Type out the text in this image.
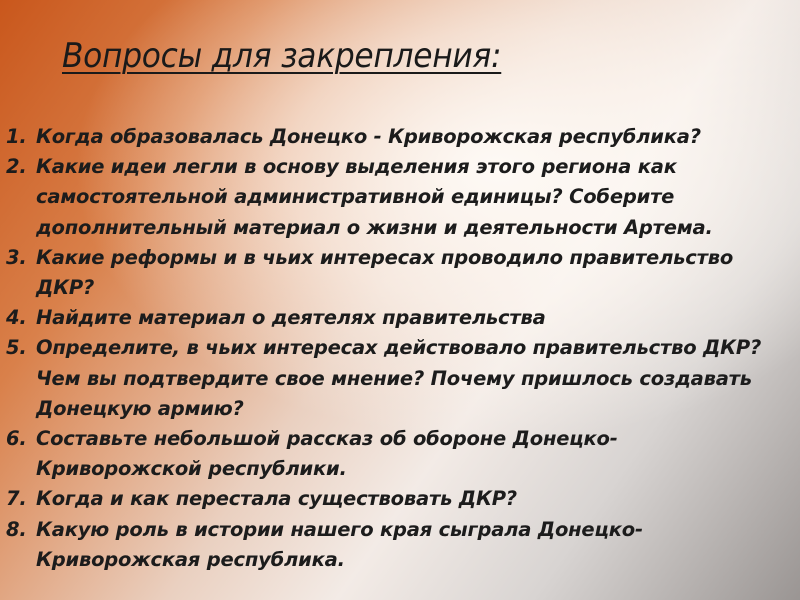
Вопросы для закрепления:
1. Когда образовалась Донецко - Криворожская республика?
2. Какие идеи легли в основу выделения этого региона как самостоятельной административной единицы? Соберите дополнительный материал о жизни и деятельности Артема.
3. Какие реформы и в чьих интересах проводило правительство ДКР?
4. Найдите материал о деятелях правительства
5. Определите, в чьих интересах действовало правительство ДКР? Чем вы подтвердите свое мнение? Почему пришлось создавать Донецкую армию?
6. Составьте небольшой рассказ об обороне Донецко-Криворожской республики.
7. Когда и как перестала существовать ДКР?
8. Какую роль в истории нашего края сыграла Донецко-Криворожская республика.
